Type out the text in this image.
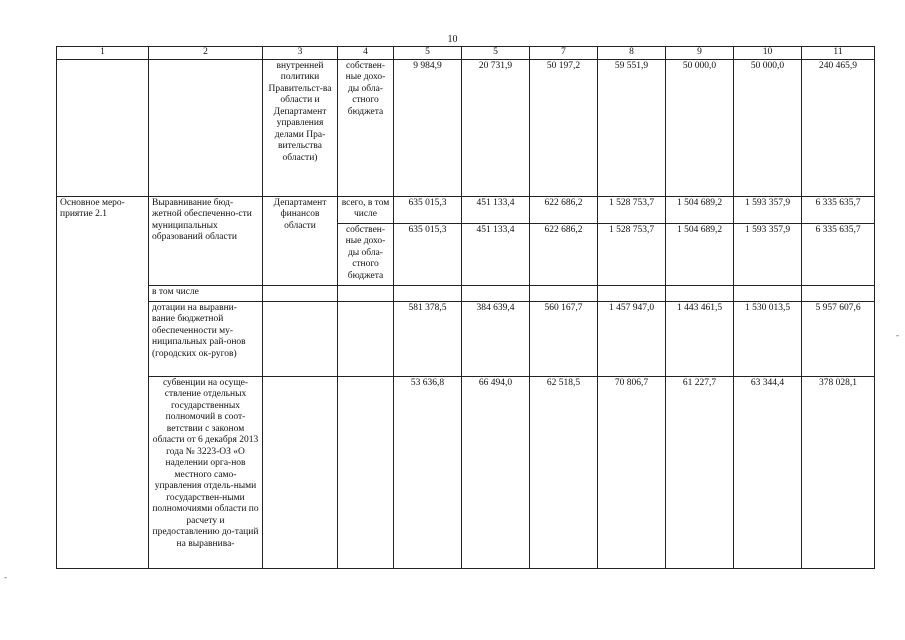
10
1	2	3	4	5	5	7	8	9	10	11
		внутренней политики Правительст-ва области и Департамент управления делами Пра-вительства области)	собствен-ные дохо-ды обла-стного бюджета	9 984,9	20 731,9	50 197,2	59 551,9	50 000,0	50 000,0	240 465,9
Основное меро-приятие 2.1	Выравнивание бюд-жетной обеспеченно-сти муниципальных образований области	Департамент финансов области	всего, в том числе	635 015,3	451 133,4	622 686,2	1 528 753,7	1 504 689,2	1 593 357,9	6 335 635,7
			собствен-ные дохо-ды обла-стного бюджета	635 015,3	451 133,4	622 686,2	1 528 753,7	1 504 689,2	1 593 357,9	6 335 635,7
	в том числе									
	дотации на выравни-вание бюджетной обеспеченности му-ниципальных рай-онов (городских ок-ругов)			581 378,5	384 639,4	560 167,7	1 457 947,0	1 443 461,5	1 530 013,5	5 957 607,6
	субвенции на осуще-ствление отдельных государственных полномочий в соот-ветствии с законом области от 6 декабря 2013 года № 3223-ОЗ «О наделении орга-нов местного само-управления отдель-ными государствен-ными полномочиями области по расчету и предоставлению до-таций на выравнива-			53 636,8	66 494,0	62 518,5	70 806,7	61 227,7	63 344,4	378 028,1
-
-
